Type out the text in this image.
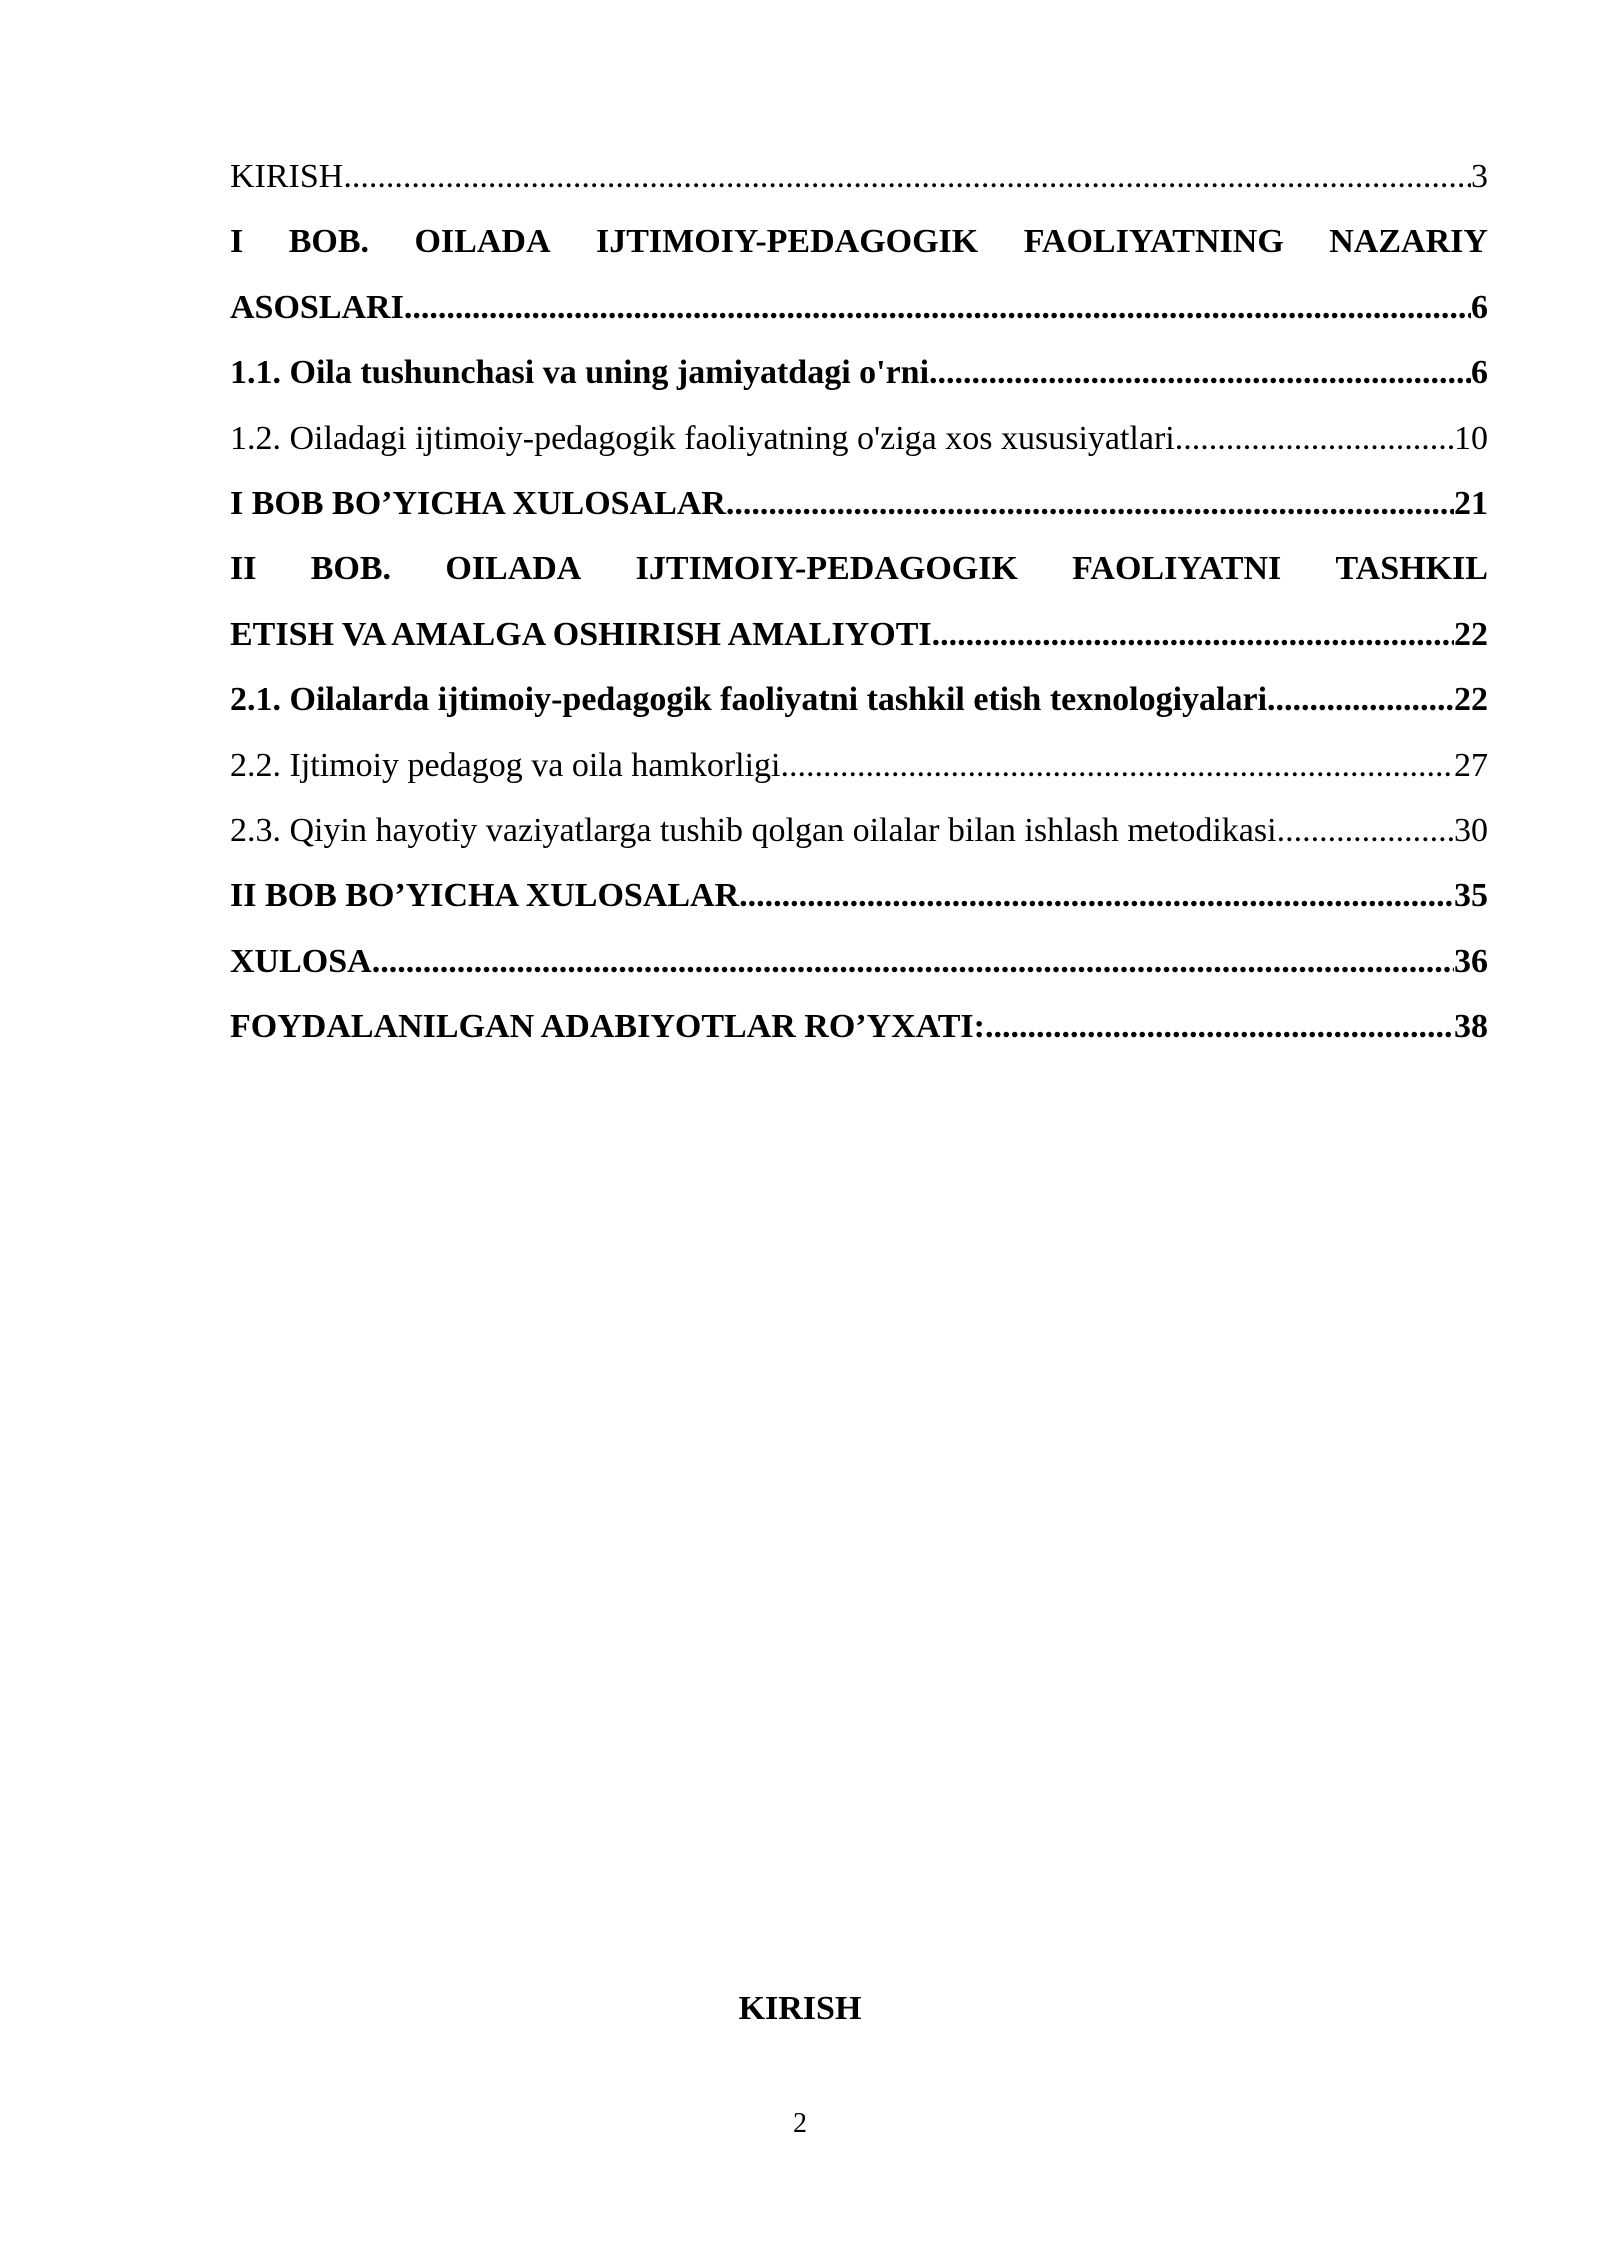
KIRISH .....	3
I BOB. OILADA IJTIMOIY-PEDAGOGIK FAOLIYATNING NAZARIY
ASOSLARI .....	6
1.1. Oila tushunchasi va uning jamiyatdagi o'rni .....	6
1.2. Oiladagi ijtimoiy-pedagogik faoliyatning o'ziga xos xususiyatlari .....	10
I BOB BO’YICHA XULOSALAR .....	21
II BOB. OILADA IJTIMOIY-PEDAGOGIK FAOLIYATNI TASHKIL
ETISH VA AMALGA OSHIRISH AMALIYOTI .....	22
2.1. Oilalarda ijtimoiy-pedagogik faoliyatni tashkil etish texnologiyalari .....	22
2.2. Ijtimoiy pedagog va oila hamkorligi .....	27
2.3. Qiyin hayotiy vaziyatlarga tushib qolgan oilalar bilan ishlash metodikasi .....	30
II BOB BO’YICHA XULOSALAR .....	35
XULOSA .....	36
FOYDALANILGAN ADABIYOTLAR RO’YXATI: .....	38
KIRISH
2
